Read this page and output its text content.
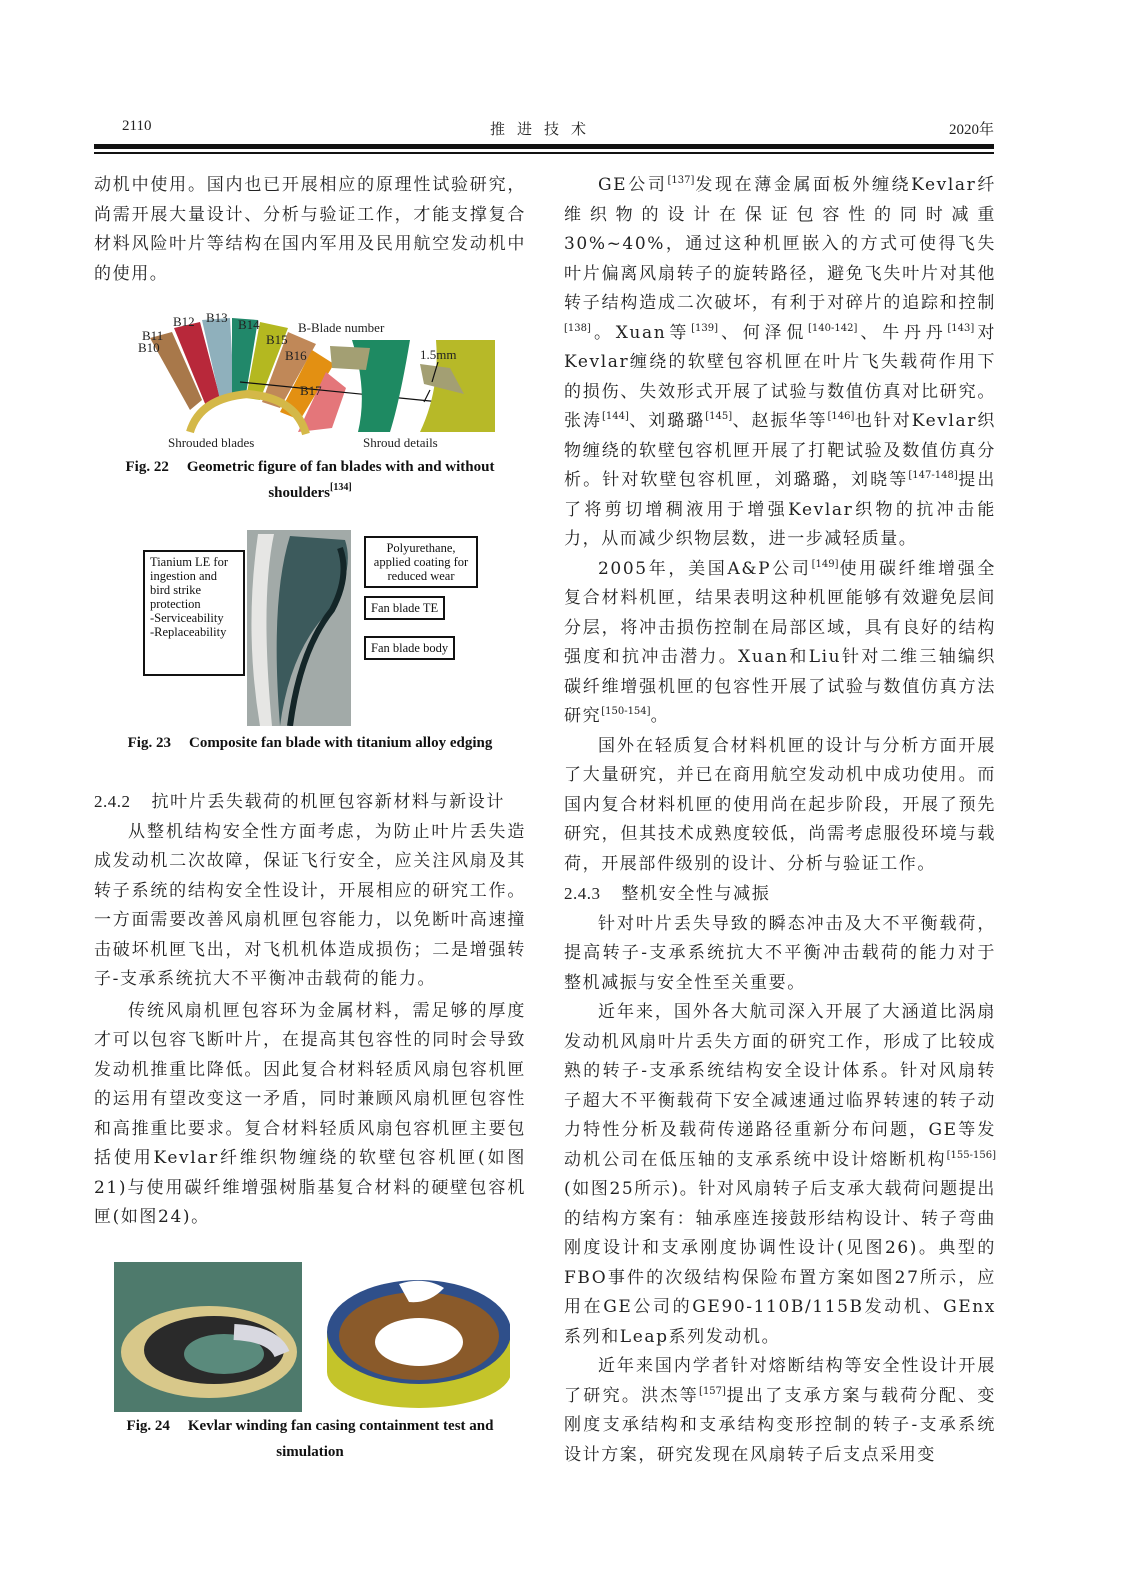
2110	推进技术	2020年

动机中使用。国内也已开展相应的原理性试验研究，尚需开展大量设计、分析与验证工作，才能支撑复合材料风险叶片等结构在国内军用及民用航空发动机中的使用。

B10
B11
B12 B13 B14
B15
B16
B17
B-Blade number
1.5mm
Shrouded blades	Shroud details
Fig. 22 Geometric figure of fan blades with and without shoulders[134]
Tianium LE for
ingestion and
bird strike
protection
-Serviceability
-Replaceability
Polyurethane,
applied coating for
reduced wear
Fan blade TE
Fan blade body
Fig. 23 Composite fan blade with titanium alloy edging

2.4.2 抗叶片丢失载荷的机匣包容新材料与新设计

从整机结构安全性方面考虑，为防止叶片丢失造成发动机二次故障，保证飞行安全，应关注风扇及其转子系统的结构安全性设计，开展相应的研究工作。一方面需要改善风扇机匣包容能力，以免断叶高速撞击破坏机匣飞出，对飞机机体造成损伤；二是增强转子-支承系统抗大不平衡冲击载荷的能力。

传统风扇机匣包容环为金属材料，需足够的厚度才可以包容飞断叶片，在提高其包容性的同时会导致发动机推重比降低。因此复合材料轻质风扇包容机匣的运用有望改变这一矛盾，同时兼顾风扇机匣包容性和高推重比要求。复合材料轻质风扇包容机匣主要包括使用Kevlar纤维织物缠绕的软壁包容机匣(如图21)与使用碳纤维增强树脂基复合材料的硬壁包容机匣(如图24)。

Fig. 24 Kevlar winding fan casing containment test and simulation

GE公司[137]发现在薄金属面板外缠绕Kevlar纤维织物的设计在保证包容性的同时减重30%~40%，通过这种机匣嵌入的方式可使得飞失叶片偏离风扇转子的旋转路径，避免飞失叶片对其他转子结构造成二次破坏，有利于对碎片的追踪和控制[138]。Xuan等[139]、何泽侃[140-142]、牛丹丹[143]对Kevlar缠绕的软壁包容机匣在叶片飞失载荷作用下的损伤、失效形式开展了试验与数值仿真对比研究。张涛[144]、刘璐璐[145]、赵振华等[146]也针对Kevlar织物缠绕的软壁包容机匣开展了打靶试验及数值仿真分析。针对软壁包容机匣，刘璐璐，刘晓等[147-148]提出了将剪切增稠液用于增强Kevlar织物的抗冲击能力，从而减少织物层数，进一步减轻质量。

2005年，美国A&P公司[149]使用碳纤维增强全复合材料机匣，结果表明这种机匣能够有效避免层间分层，将冲击损伤控制在局部区域，具有良好的结构强度和抗冲击潜力。Xuan和Liu针对二维三轴编织碳纤维增强机匣的包容性开展了试验与数值仿真方法研究[150-154]。

国外在轻质复合材料机匣的设计与分析方面开展了大量研究，并已在商用航空发动机中成功使用。而国内复合材料机匣的使用尚在起步阶段，开展了预先研究，但其技术成熟度较低，尚需考虑服役环境与载荷，开展部件级别的设计、分析与验证工作。

2.4.3 整机安全性与减振

针对叶片丢失导致的瞬态冲击及大不平衡载荷，提高转子-支承系统抗大不平衡冲击载荷的能力对于整机减振与安全性至关重要。

近年来，国外各大航司深入开展了大涵道比涡扇发动机风扇叶片丢失方面的研究工作，形成了比较成熟的转子-支承系统结构安全设计体系。针对风扇转子超大不平衡载荷下安全减速通过临界转速的转子动力特性分析及载荷传递路径重新分布问题，GE等发动机公司在低压轴的支承系统中设计熔断机构[155-156](如图25所示)。针对风扇转子后支承大载荷问题提出的结构方案有：轴承座连接鼓形结构设计、转子弯曲刚度设计和支承刚度协调性设计(见图26)。典型的FBO事件的次级结构保险布置方案如图27所示，应用在GE公司的GE90-110B/115B发动机、GEnx系列和Leap系列发动机。

近年来国内学者针对熔断结构等安全性设计开展了研究。洪杰等[157]提出了支承方案与载荷分配、变刚度支承结构和支承结构变形控制的转子-支承系统设计方案，研究发现在风扇转子后支点采用变
